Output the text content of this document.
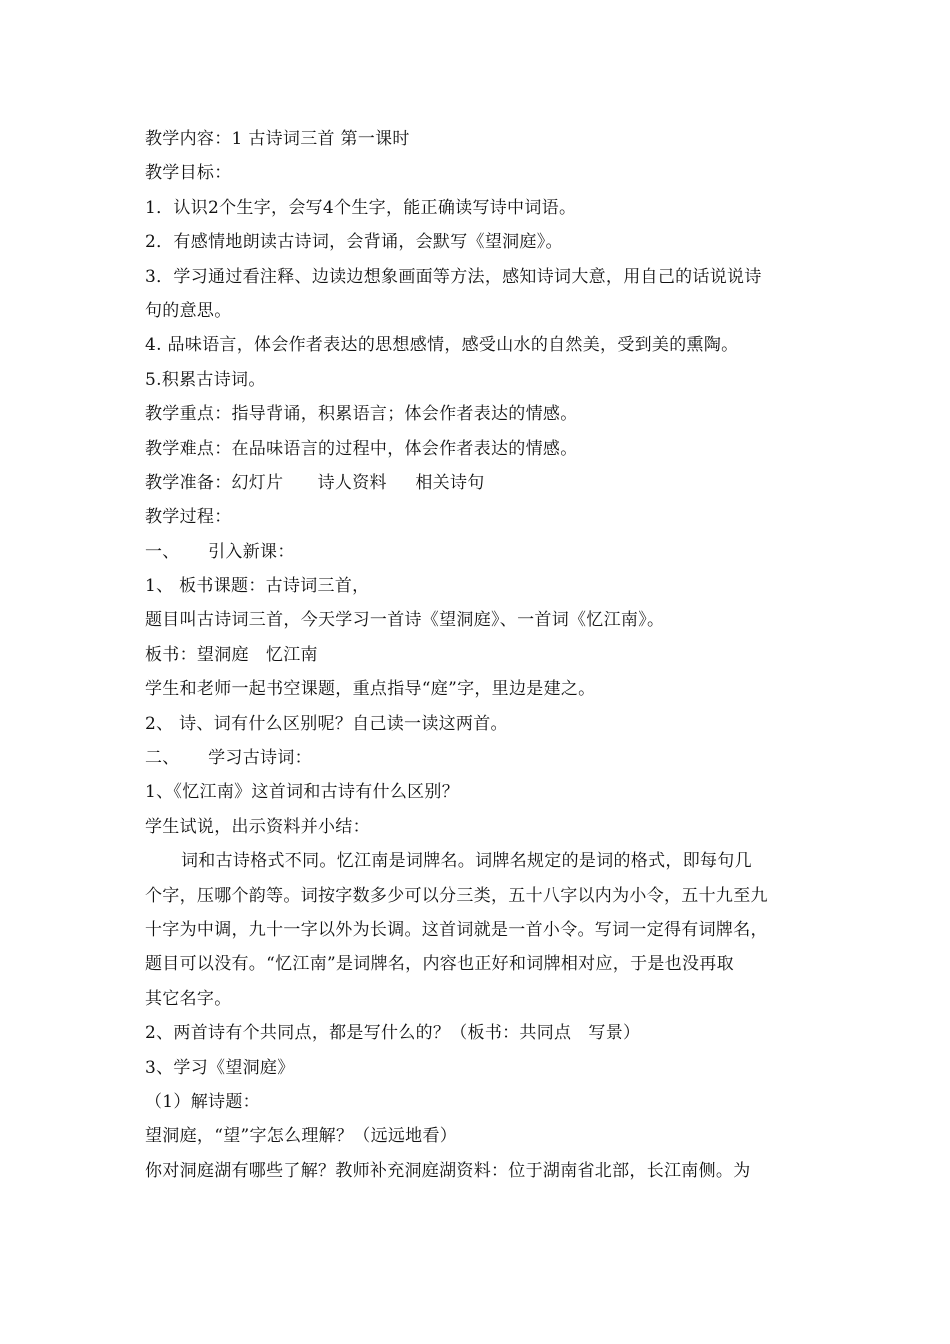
教学内容：1 古诗词三首 第一课时
教学目标：
1．认识2个生字，会写4个生字，能正确读写诗中词语。
2．有感情地朗读古诗词，会背诵，会默写《望洞庭》。
3．学习通过看注释、边读边想象画面等方法，感知诗词大意，用自己的话说说诗
句的意思。
4. 品味语言，体会作者表达的思想感情，感受山水的自然美，受到美的熏陶。
5.积累古诗词。
教学重点：指导背诵，积累语言；体会作者表达的情感。
教学难点：在品味语言的过程中，体会作者表达的情感。
教学准备：幻灯片      诗人资料     相关诗句
教学过程：
一、     引入新课：
1、 板书课题：古诗词三首，
题目叫古诗词三首，今天学习一首诗《望洞庭》、一首词《忆江南》。
板书：望洞庭   忆江南
学生和老师一起书空课题，重点指导“庭”字，里边是建之。
2、 诗、词有什么区别呢？自己读一读这两首。
二、     学习古诗词：
1、《忆江南》这首词和古诗有什么区别？
学生试说，出示资料并小结：
词和古诗格式不同。忆江南是词牌名。词牌名规定的是词的格式，即每句几
个字，压哪个韵等。词按字数多少可以分三类，五十八字以内为小令，五十九至九
十字为中调，九十一字以外为长调。这首词就是一首小令。写词一定得有词牌名，
题目可以没有。“忆江南”是词牌名，内容也正好和词牌相对应，于是也没再取
其它名字。
2、两首诗有个共同点，都是写什么的？（板书：共同点   写景）
3、学习《望洞庭》
（1）解诗题：
望洞庭，“望”字怎么理解？（远远地看）
你对洞庭湖有哪些了解？教师补充洞庭湖资料：位于湖南省北部，长江南侧。为
